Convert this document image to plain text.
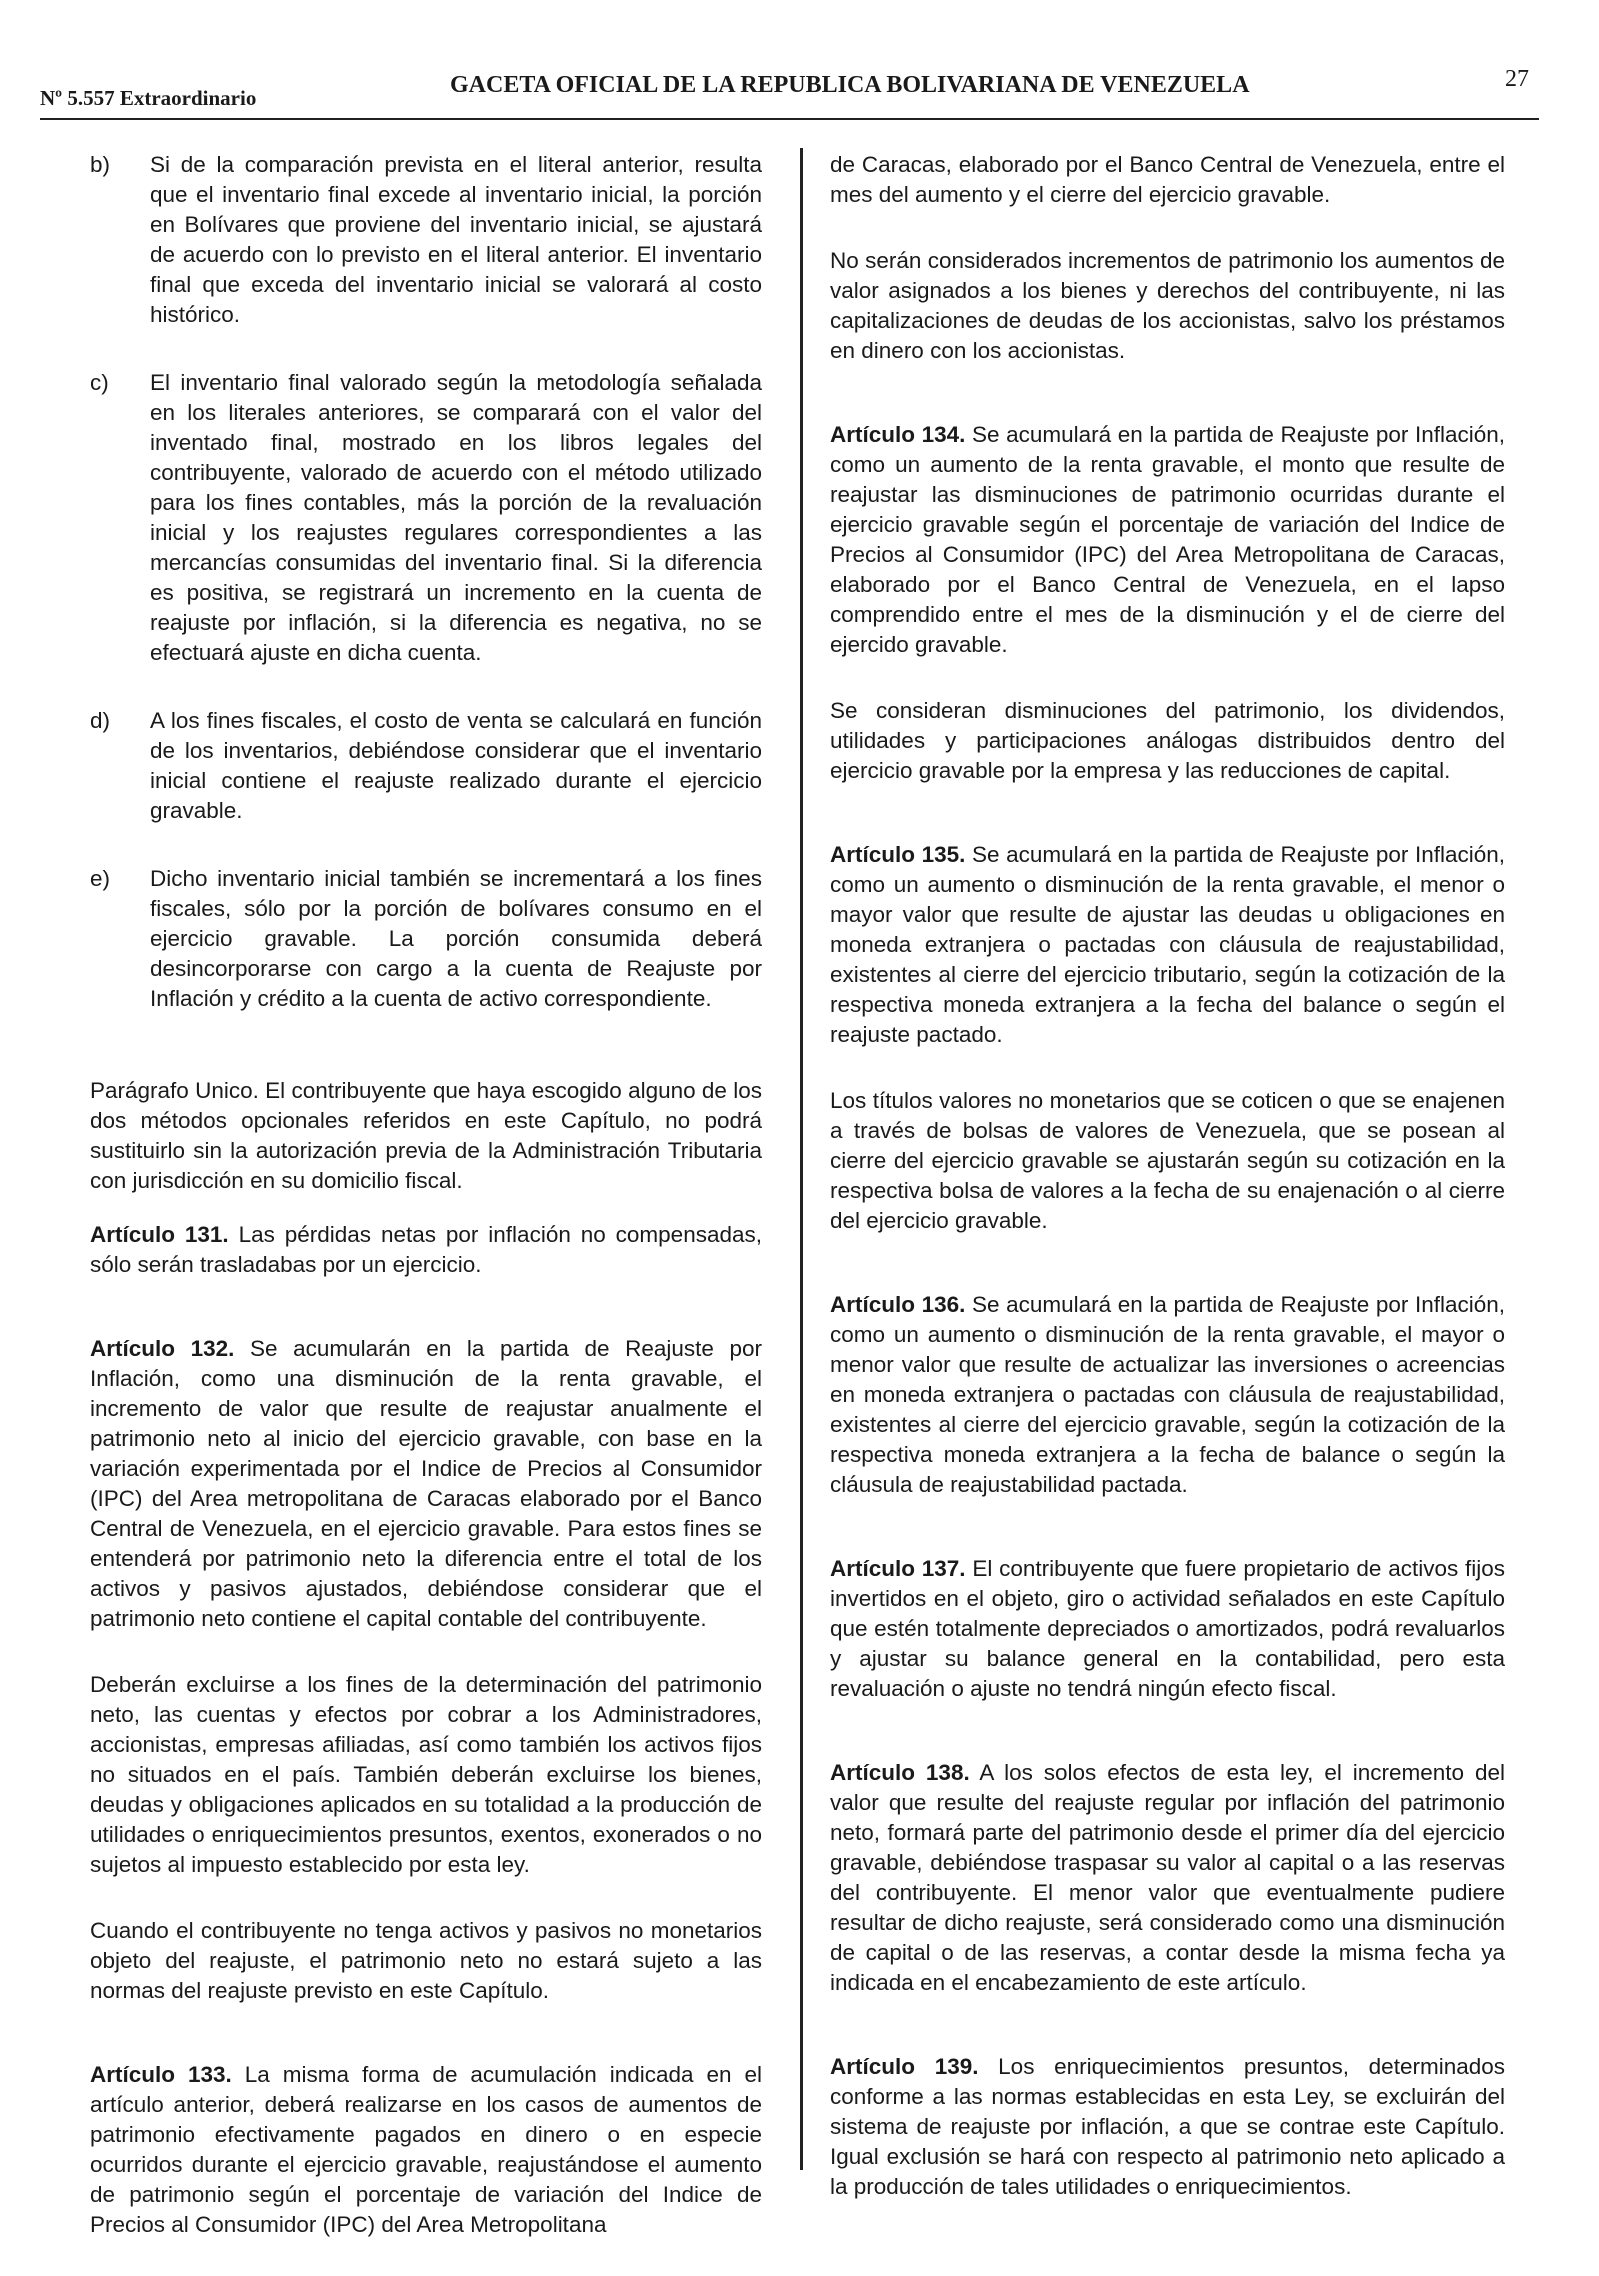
Nº 5.557 Extraordinario	GACETA OFICIAL DE LA REPUBLICA BOLIVARIANA DE VENEZUELA	27
b)	Si de la comparación prevista en el literal anterior, resulta que el inventario final excede al inventario inicial, la porción en Bolívares que proviene del inventario inicial, se ajustará de acuerdo con lo previsto en el literal anterior. El inventario final que exceda del inventario inicial se valorará al costo histórico.
c)	El inventario final valorado según la metodología señalada en los literales anteriores, se comparará con el valor del inventado final, mostrado en los libros legales del contribuyente, valorado de acuerdo con el método utilizado para los fines contables, más la porción de la revaluación inicial y los reajustes regulares correspondientes a las mercancías consumidas del inventario final. Si la diferencia es positiva, se registrará un incremento en la cuenta de reajuste por inflación, si la diferencia es negativa, no se efectuará ajuste en dicha cuenta.
d)	A los fines fiscales, el costo de venta se calculará en función de los inventarios, debiéndose considerar que el inventario inicial contiene el reajuste realizado durante el ejercicio gravable.
e)	Dicho inventario inicial también se incrementará a los fines fiscales, sólo por la porción de bolívares consumo en el ejercicio gravable. La porción consumida deberá desincorporarse con cargo a la cuenta de Reajuste por Inflación y crédito a la cuenta de activo correspondiente.

Parágrafo Unico. El contribuyente que haya escogido alguno de los dos métodos opcionales referidos en este Capítulo, no podrá sustituirlo sin la autorización previa de la Administración Tributaria con jurisdicción en su domicilio fiscal.

Artículo 131. Las pérdidas netas por inflación no compensadas, sólo serán trasladabas por un ejercicio.

Artículo 132. Se acumularán en la partida de Reajuste por Inflación, como una disminución de la renta gravable, el incremento de valor que resulte de reajustar anualmente el patrimonio neto al inicio del ejercicio gravable, con base en la variación experimentada por el Indice de Precios al Consumidor (IPC) del Area metropolitana de Caracas elaborado por el Banco Central de Venezuela, en el ejercicio gravable. Para estos fines se entenderá por patrimonio neto la diferencia entre el total de los activos y pasivos ajustados, debiéndose considerar que el patrimonio neto contiene el capital contable del contribuyente.

Deberán excluirse a los fines de la determinación del patrimonio neto, las cuentas y efectos por cobrar a los Administradores, accionistas, empresas afiliadas, así como también los activos fijos no situados en el país. También deberán excluirse los bienes, deudas y obligaciones aplicados en su totalidad a la producción de utilidades o enriquecimientos presuntos, exentos, exonerados o no sujetos al impuesto establecido por esta ley.

Cuando el contribuyente no tenga activos y pasivos no monetarios objeto del reajuste, el patrimonio neto no estará sujeto a las normas del reajuste previsto en este Capítulo.

Artículo 133. La misma forma de acumulación indicada en el artículo anterior, deberá realizarse en los casos de aumentos de patrimonio efectivamente pagados en dinero o en especie ocurridos durante el ejercicio gravable, reajustándose el aumento de patrimonio según el porcentaje de variación del Indice de Precios al Consumidor (IPC) del Area Metropolitana

de Caracas, elaborado por el Banco Central de Venezuela, entre el mes del aumento y el cierre del ejercicio gravable.

No serán considerados incrementos de patrimonio los aumentos de valor asignados a los bienes y derechos del contribuyente, ni las capitalizaciones de deudas de los accionistas, salvo los préstamos en dinero con los accionistas.

Artículo 134. Se acumulará en la partida de Reajuste por Inflación, como un aumento de la renta gravable, el monto que resulte de reajustar las disminuciones de patrimonio ocurridas durante el ejercicio gravable según el porcentaje de variación del Indice de Precios al Consumidor (IPC) del Area Metropolitana de Caracas, elaborado por el Banco Central de Venezuela, en el lapso comprendido entre el mes de la disminución y el de cierre del ejercido gravable.

Se consideran disminuciones del patrimonio, los dividendos, utilidades y participaciones análogas distribuidos dentro del ejercicio gravable por la empresa y las reducciones de capital.

Artículo 135. Se acumulará en la partida de Reajuste por Inflación, como un aumento o disminución de la renta gravable, el menor o mayor valor que resulte de ajustar las deudas u obligaciones en moneda extranjera o pactadas con cláusula de reajustabilidad, existentes al cierre del ejercicio tributario, según la cotización de la respectiva moneda extranjera a la fecha del balance o según el reajuste pactado.

Los títulos valores no monetarios que se coticen o que se enajenen a través de bolsas de valores de Venezuela, que se posean al cierre del ejercicio gravable se ajustarán según su cotización en la respectiva bolsa de valores a la fecha de su enajenación o al cierre del ejercicio gravable.

Artículo 136. Se acumulará en la partida de Reajuste por Inflación, como un aumento o disminución de la renta gravable, el mayor o menor valor que resulte de actualizar las inversiones o acreencias en moneda extranjera o pactadas con cláusula de reajustabilidad, existentes al cierre del ejercicio gravable, según la cotización de la respectiva moneda extranjera a la fecha de balance o según la cláusula de reajustabilidad pactada.

Artículo 137. El contribuyente que fuere propietario de activos fijos invertidos en el objeto, giro o actividad señalados en este Capítulo que estén totalmente depreciados o amortizados, podrá revaluarlos y ajustar su balance general en la contabilidad, pero esta revaluación o ajuste no tendrá ningún efecto fiscal.

Artículo 138. A los solos efectos de esta ley, el incremento del valor que resulte del reajuste regular por inflación del patrimonio neto, formará parte del patrimonio desde el primer día del ejercicio gravable, debiéndose traspasar su valor al capital o a las reservas del contribuyente. El menor valor que eventualmente pudiere resultar de dicho reajuste, será considerado como una disminución de capital o de las reservas, a contar desde la misma fecha ya indicada en el encabezamiento de este artículo.

Artículo 139. Los enriquecimientos presuntos, determinados conforme a las normas establecidas en esta Ley, se excluirán del sistema de reajuste por inflación, a que se contrae este Capítulo. Igual exclusión se hará con respecto al patrimonio neto aplicado a la producción de tales utilidades o enriquecimientos.
